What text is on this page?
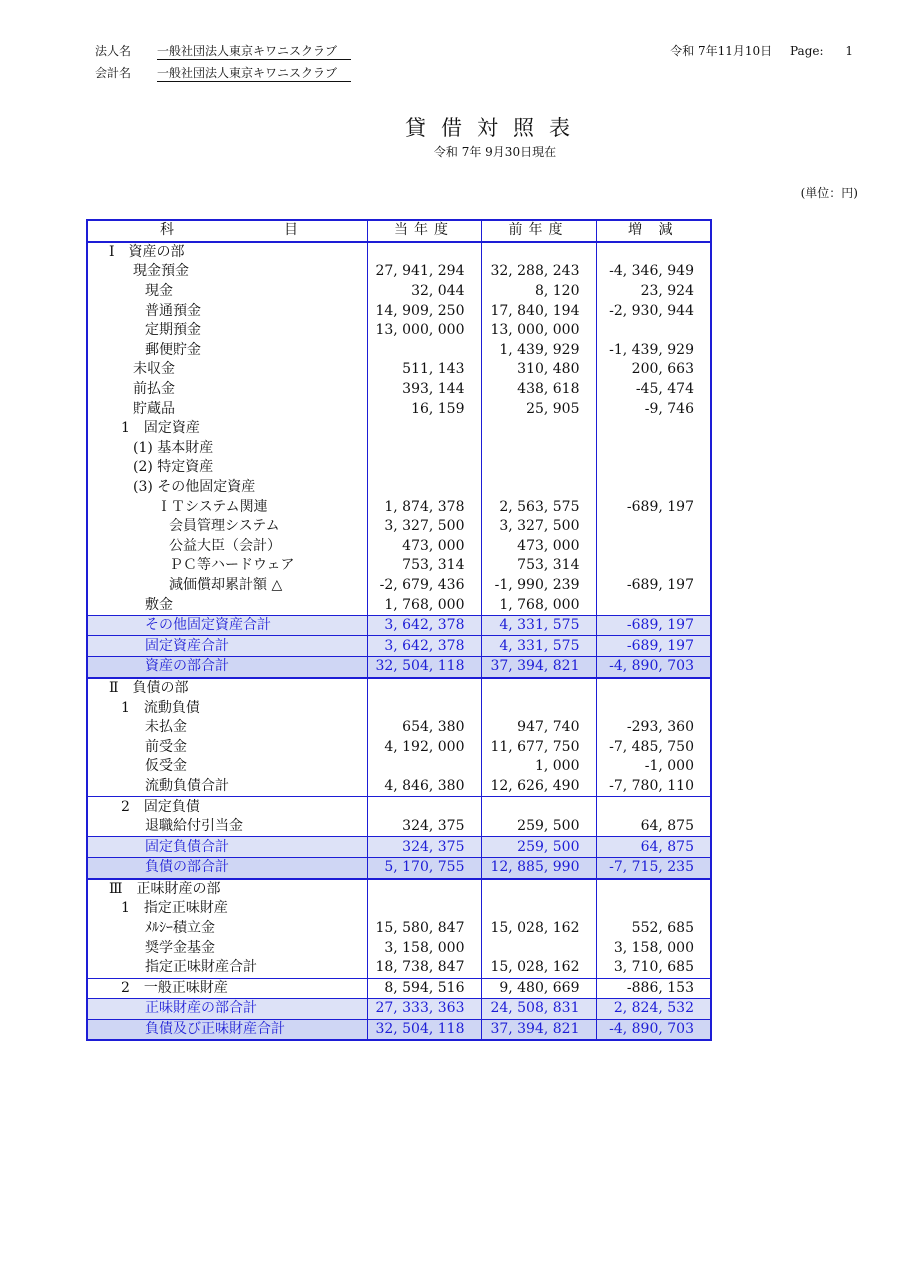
法人名 一般社団法人東京キワニスクラブ
会計名 一般社団法人東京キワニスクラブ
令和 7年11月10日 Page: 1
貸借対照表
令和 7年 9月30日現在
(単位：円)
科 目	当年度	前年度	増 減
Ⅰ　資産の部			
現金預金	27, 941, 294	32, 288, 243	-4, 346, 949
現金	32, 044	8, 120	23, 924
普通預金	14, 909, 250	17, 840, 194	-2, 930, 944
定期預金	13, 000, 000	13, 000, 000	
郵便貯金		1, 439, 929	-1, 439, 929
未収金	511, 143	310, 480	200, 663
前払金	393, 144	438, 618	-45, 474
貯蔵品	16, 159	25, 905	-9, 746
1　固定資産			
(1) 基本財産			
(2) 特定資産			
(3) その他固定資産			
ＩＴシステム関連	1, 874, 378	2, 563, 575	-689, 197
会員管理システム	3, 327, 500	3, 327, 500	
公益大臣（会計）	473, 000	473, 000	
ＰＣ等ハードウェア	753, 314	753, 314	
減価償却累計額 △	-2, 679, 436	-1, 990, 239	-689, 197
敷金	1, 768, 000	1, 768, 000	
その他固定資産合計	3, 642, 378	4, 331, 575	-689, 197
固定資産合計	3, 642, 378	4, 331, 575	-689, 197
資産の部合計	32, 504, 118	37, 394, 821	-4, 890, 703
Ⅱ　負債の部			
1　流動負債			
未払金	654, 380	947, 740	-293, 360
前受金	4, 192, 000	11, 677, 750	-7, 485, 750
仮受金		1, 000	-1, 000
流動負債合計	4, 846, 380	12, 626, 490	-7, 780, 110
2　固定負債			
退職給付引当金	324, 375	259, 500	64, 875
固定負債合計	324, 375	259, 500	64, 875
負債の部合計	5, 170, 755	12, 885, 990	-7, 715, 235
Ⅲ　正味財産の部			
1　指定正味財産			
ﾒﾙｼｰ積立金	15, 580, 847	15, 028, 162	552, 685
奨学金基金	3, 158, 000		3, 158, 000
指定正味財産合計	18, 738, 847	15, 028, 162	3, 710, 685
2　一般正味財産	8, 594, 516	9, 480, 669	-886, 153
正味財産の部合計	27, 333, 363	24, 508, 831	2, 824, 532
負債及び正味財産合計	32, 504, 118	37, 394, 821	-4, 890, 703
